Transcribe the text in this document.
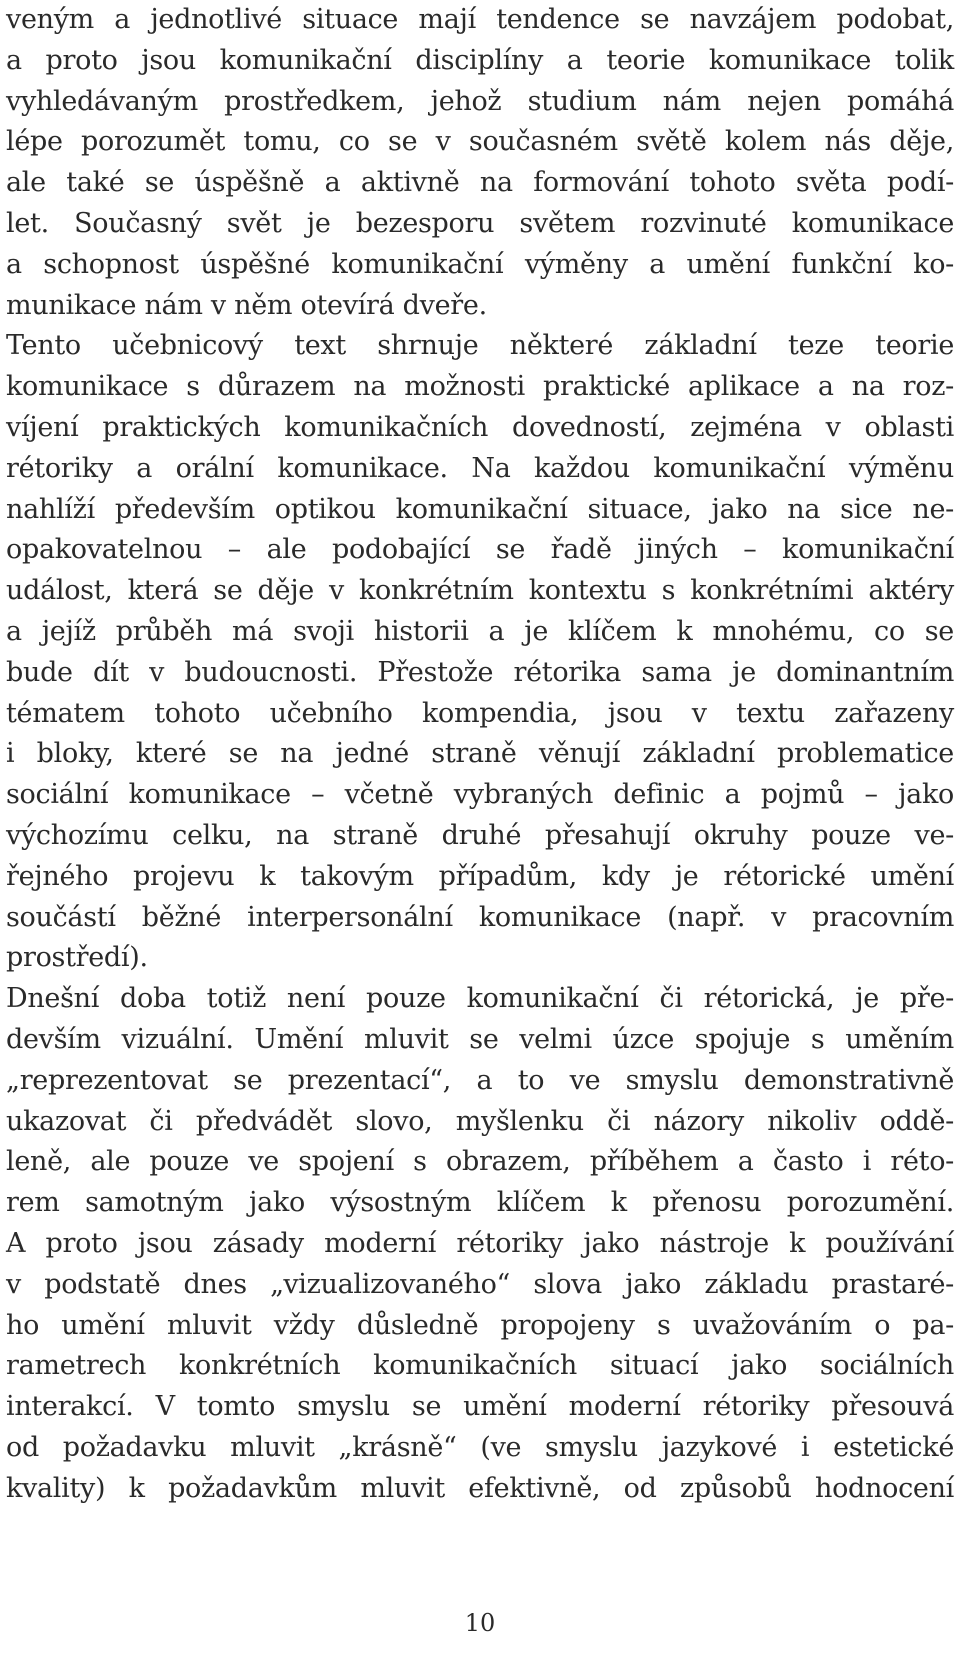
veným a jednotlivé situace mají tendence se navzájem podobat,
a proto jsou komunikační disciplíny a teorie komunikace tolik
vyhledávaným prostředkem, jehož studium nám nejen pomáhá
lépe porozumět tomu, co se v současném světě kolem nás děje,
ale také se úspěšně a aktivně na formování tohoto světa podí-
let. Současný svět je bezesporu světem rozvinuté komunikace
a schopnost úspěšné komunikační výměny a umění funkční ko-
munikace nám v něm otevírá dveře.
Tento učebnicový text shrnuje některé základní teze teorie
komunikace s důrazem na možnosti praktické aplikace a na roz-
víjení praktických komunikačních dovedností, zejména v oblasti
rétoriky a orální komunikace. Na každou komunikační výměnu
nahlíží především optikou komunikační situace, jako na sice ne-
opakovatelnou – ale podobající se řadě jiných – komunikační
událost, která se děje v konkrétním kontextu s konkrétními aktéry
a jejíž průběh má svoji historii a je klíčem k mnohému, co se
bude dít v budoucnosti. Přestože rétorika sama je dominantním
tématem tohoto učebního kompendia, jsou v textu zařazeny
i bloky, které se na jedné straně věnují základní problematice
sociální komunikace – včetně vybraných definic a pojmů – jako
výchozímu celku, na straně druhé přesahují okruhy pouze ve-
řejného projevu k takovým případům, kdy je rétorické umění
součástí běžné interpersonální komunikace (např. v pracovním
prostředí).
Dnešní doba totiž není pouze komunikační či rétorická, je pře-
devším vizuální. Umění mluvit se velmi úzce spojuje s uměním
„reprezentovat se prezentací“, a to ve smyslu demonstrativně
ukazovat či předvádět slovo, myšlenku či názory nikoliv oddě-
leně, ale pouze ve spojení s obrazem, příběhem a často i réto-
rem samotným jako výsostným klíčem k přenosu porozumění.
A proto jsou zásady moderní rétoriky jako nástroje k používání
v podstatě dnes „vizualizovaného“ slova jako základu prastaré-
ho umění mluvit vždy důsledně propojeny s uvažováním o pa-
rametrech konkrétních komunikačních situací jako sociálních
interakcí. V tomto smyslu se umění moderní rétoriky přesouvá
od požadavku mluvit „krásně“ (ve smyslu jazykové i estetické
kvality) k požadavkům mluvit efektivně, od způsobů hodnocení
10
